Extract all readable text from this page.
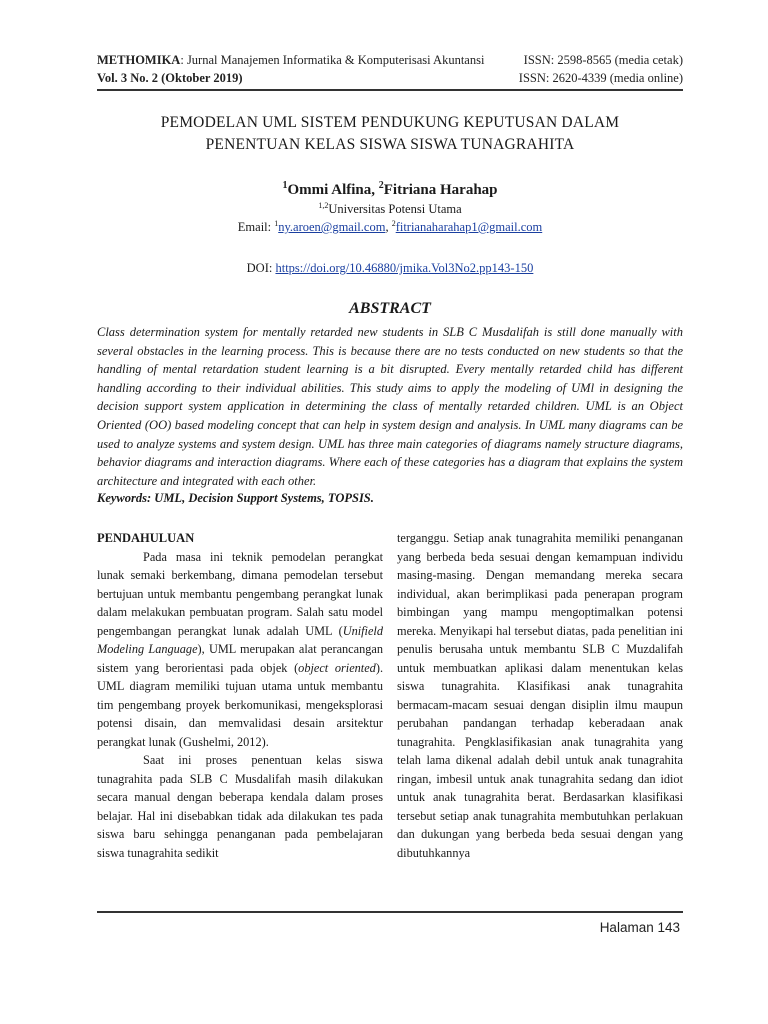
METHOMIKA: Jurnal Manajemen Informatika & Komputerisasi Akuntansi	ISSN: 2598-8565 (media cetak)
Vol. 3 No. 2 (Oktober 2019)	ISSN: 2620-4339 (media online)
PEMODELAN UML SISTEM PENDUKUNG KEPUTUSAN DALAM
PENENTUAN KELAS SISWA SISWA TUNAGRAHITA
$^1$Ommi Alfina, $^2$Fitriana Harahap
$^{1,2}$Universitas Potensi Utama
Email: $^1$ny.aroen@gmail.com, $^2$fitrianaharahap1@gmail.com
DOI: https://doi.org/10.46880/jmika.Vol3No2.pp143-150
ABSTRACT
Class determination system for mentally retarded new students in SLB C Musdalifah is still done manually with several obstacles in the learning process. This is because there are no tests conducted on new students so that the handling of mental retardation student learning is a bit disrupted. Every mentally retarded child has different handling according to their individual abilities. This study aims to apply the modeling of UMl in designing the decision support system application in determining the class of mentally retarded children. UML is an Object Oriented (OO) based modeling concept that can help in system design and analysis. In UML many diagrams can be used to analyze systems and system design. UML has three main categories of diagrams namely structure diagrams, behavior diagrams and interaction diagrams. Where each of these categories has a diagram that explains the system architecture and integrated with each other.
Keywords: UML, Decision Support Systems, TOPSIS.

PENDAHULUAN

Pada masa ini teknik pemodelan perangkat lunak semaki berkembang, dimana pemodelan tersebut bertujuan untuk membantu pengembang perangkat lunak dalam melakukan pembuatan program. Salah satu model pengembangan perangkat lunak adalah UML (Unifield Modeling Language), UML merupakan alat perancangan sistem yang berorientasi pada objek (object oriented). UML diagram memiliki tujuan utama untuk membantu tim pengembang proyek berkomunikasi, mengeksplorasi potensi disain, dan memvalidasi desain arsitektur perangkat lunak (Gushelmi, 2012).

Saat ini proses penentuan kelas siswa tunagrahita pada SLB C Musdalifah masih dilakukan secara manual dengan beberapa kendala dalam proses belajar. Hal ini disebabkan tidak ada dilakukan tes pada siswa baru sehingga penanganan pada pembelajaran siswa tunagrahita sedikit

terganggu. Setiap anak tunagrahita memiliki penanganan yang berbeda beda sesuai dengan kemampuan individu masing-masing. Dengan memandang mereka secara individual, akan berimplikasi pada penerapan program bimbingan yang mampu mengoptimalkan potensi mereka. Menyikapi hal tersebut diatas, pada penelitian ini penulis berusaha untuk membantu SLB C Muzdalifah untuk membuatkan aplikasi dalam menentukan kelas siswa tunagrahita. Klasifikasi anak tunagrahita bermacam-macam sesuai dengan disiplin ilmu maupun perubahan pandangan terhadap keberadaan anak tunagrahita. Pengklasifikasian anak tunagrahita yang telah lama dikenal adalah debil untuk anak tunagrahita ringan, imbesil untuk anak tunagrahita sedang dan idiot untuk anak tunagrahita berat. Berdasarkan klasifikasi tersebut setiap anak tunagrahita membutuhkan perlakuan dan dukungan yang berbeda beda sesuai dengan yang dibutuhkannya

Halaman 143
